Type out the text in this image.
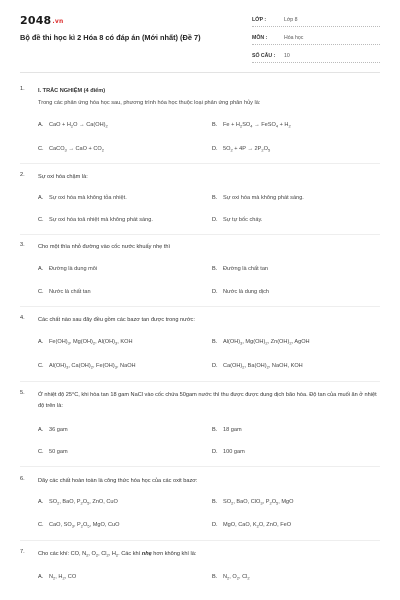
2048.vn
Bộ đề thi học kì 2 Hóa 8 có đáp án (Mới nhất) (Đề 7)
LỚP :	Lớp 8
MÔN :	Hóa học
SỐ CÂU :	10
1. I. TRẮC NGHIỆM (4 điểm)
Trong các phản ứng hóa học sau, phương trình hóa học thuộc loại phản ứng phân hủy là:
A. CaO + $H_2O \to Ca(OH)_2$	B. $Fe + H_2SO_4$ → FeSO$_4$ + $H_2$
C. CaCO$_3$ → CaO + $CO_2$	D. $5O_2 + 4P \to 2P_2O_5$
2. Sự oxi hóa chậm là:
A. Sự oxi hóa mà không tỏa nhiệt.	B. Sự oxi hóa mà không phát sáng.
C. Sự oxi hóa toả nhiệt mà không phát sáng.	D. Sự tự bốc cháy.
3. Cho một thìa nhỏ đường vào cốc nước khuấy nhẹ thì
A. Đường là dung môi	B. Đường là chất tan
C. Nước là chất tan	D. Nước là dung dịch
4. Các chất nào sau đây đều gồm các bazơ tan được trong nước:
A. $Fe(OH)_3$, $Mg(OH)_2$, $Al(OH)_3$, KOH	B. $Al(OH)_3$, $Mg(OH)_2$, $Zn(OH)_2$, AgOH
C. $Al(OH)_3$, $Ca(OH)_2$, $Fe(OH)_3$, NaOH	D. $Ca(OH)_2$, $Ba(OH)_2$, NaOH, KOH
5. Ở nhiệt độ 25°C, khi hòa tan 18 gam NaCl vào cốc chứa 50gam nước thì thu được được dung dịch bão hòa. Độ tan của muối ăn ở nhiệt độ trên là:
A. 36 gam	B. 18 gam
C. 50 gam	D. 100 gam
6. Dãy các chất hoàn toàn là công thức hóa học của các oxit bazơ:
A. $SO_2$, BaO, $P_2O_5$, ZnO, CuO	B. $SO_2$, BaO, ClO$_3$, $P_2O_5$, MgO
C. CaO, $SO_3$, $P_2O_5$, MgO, CuO	D. MgO, CaO, $K_2O$, ZnO, FeO
7. Cho các khí: CO, $N_2$, $O_2$, $Cl_2$, $H_2$. Các khí nhẹ hơn không khí là:
A. $N_2$, $H_2$, CO	B. $N_2$, $O_2$, $Cl_2$
